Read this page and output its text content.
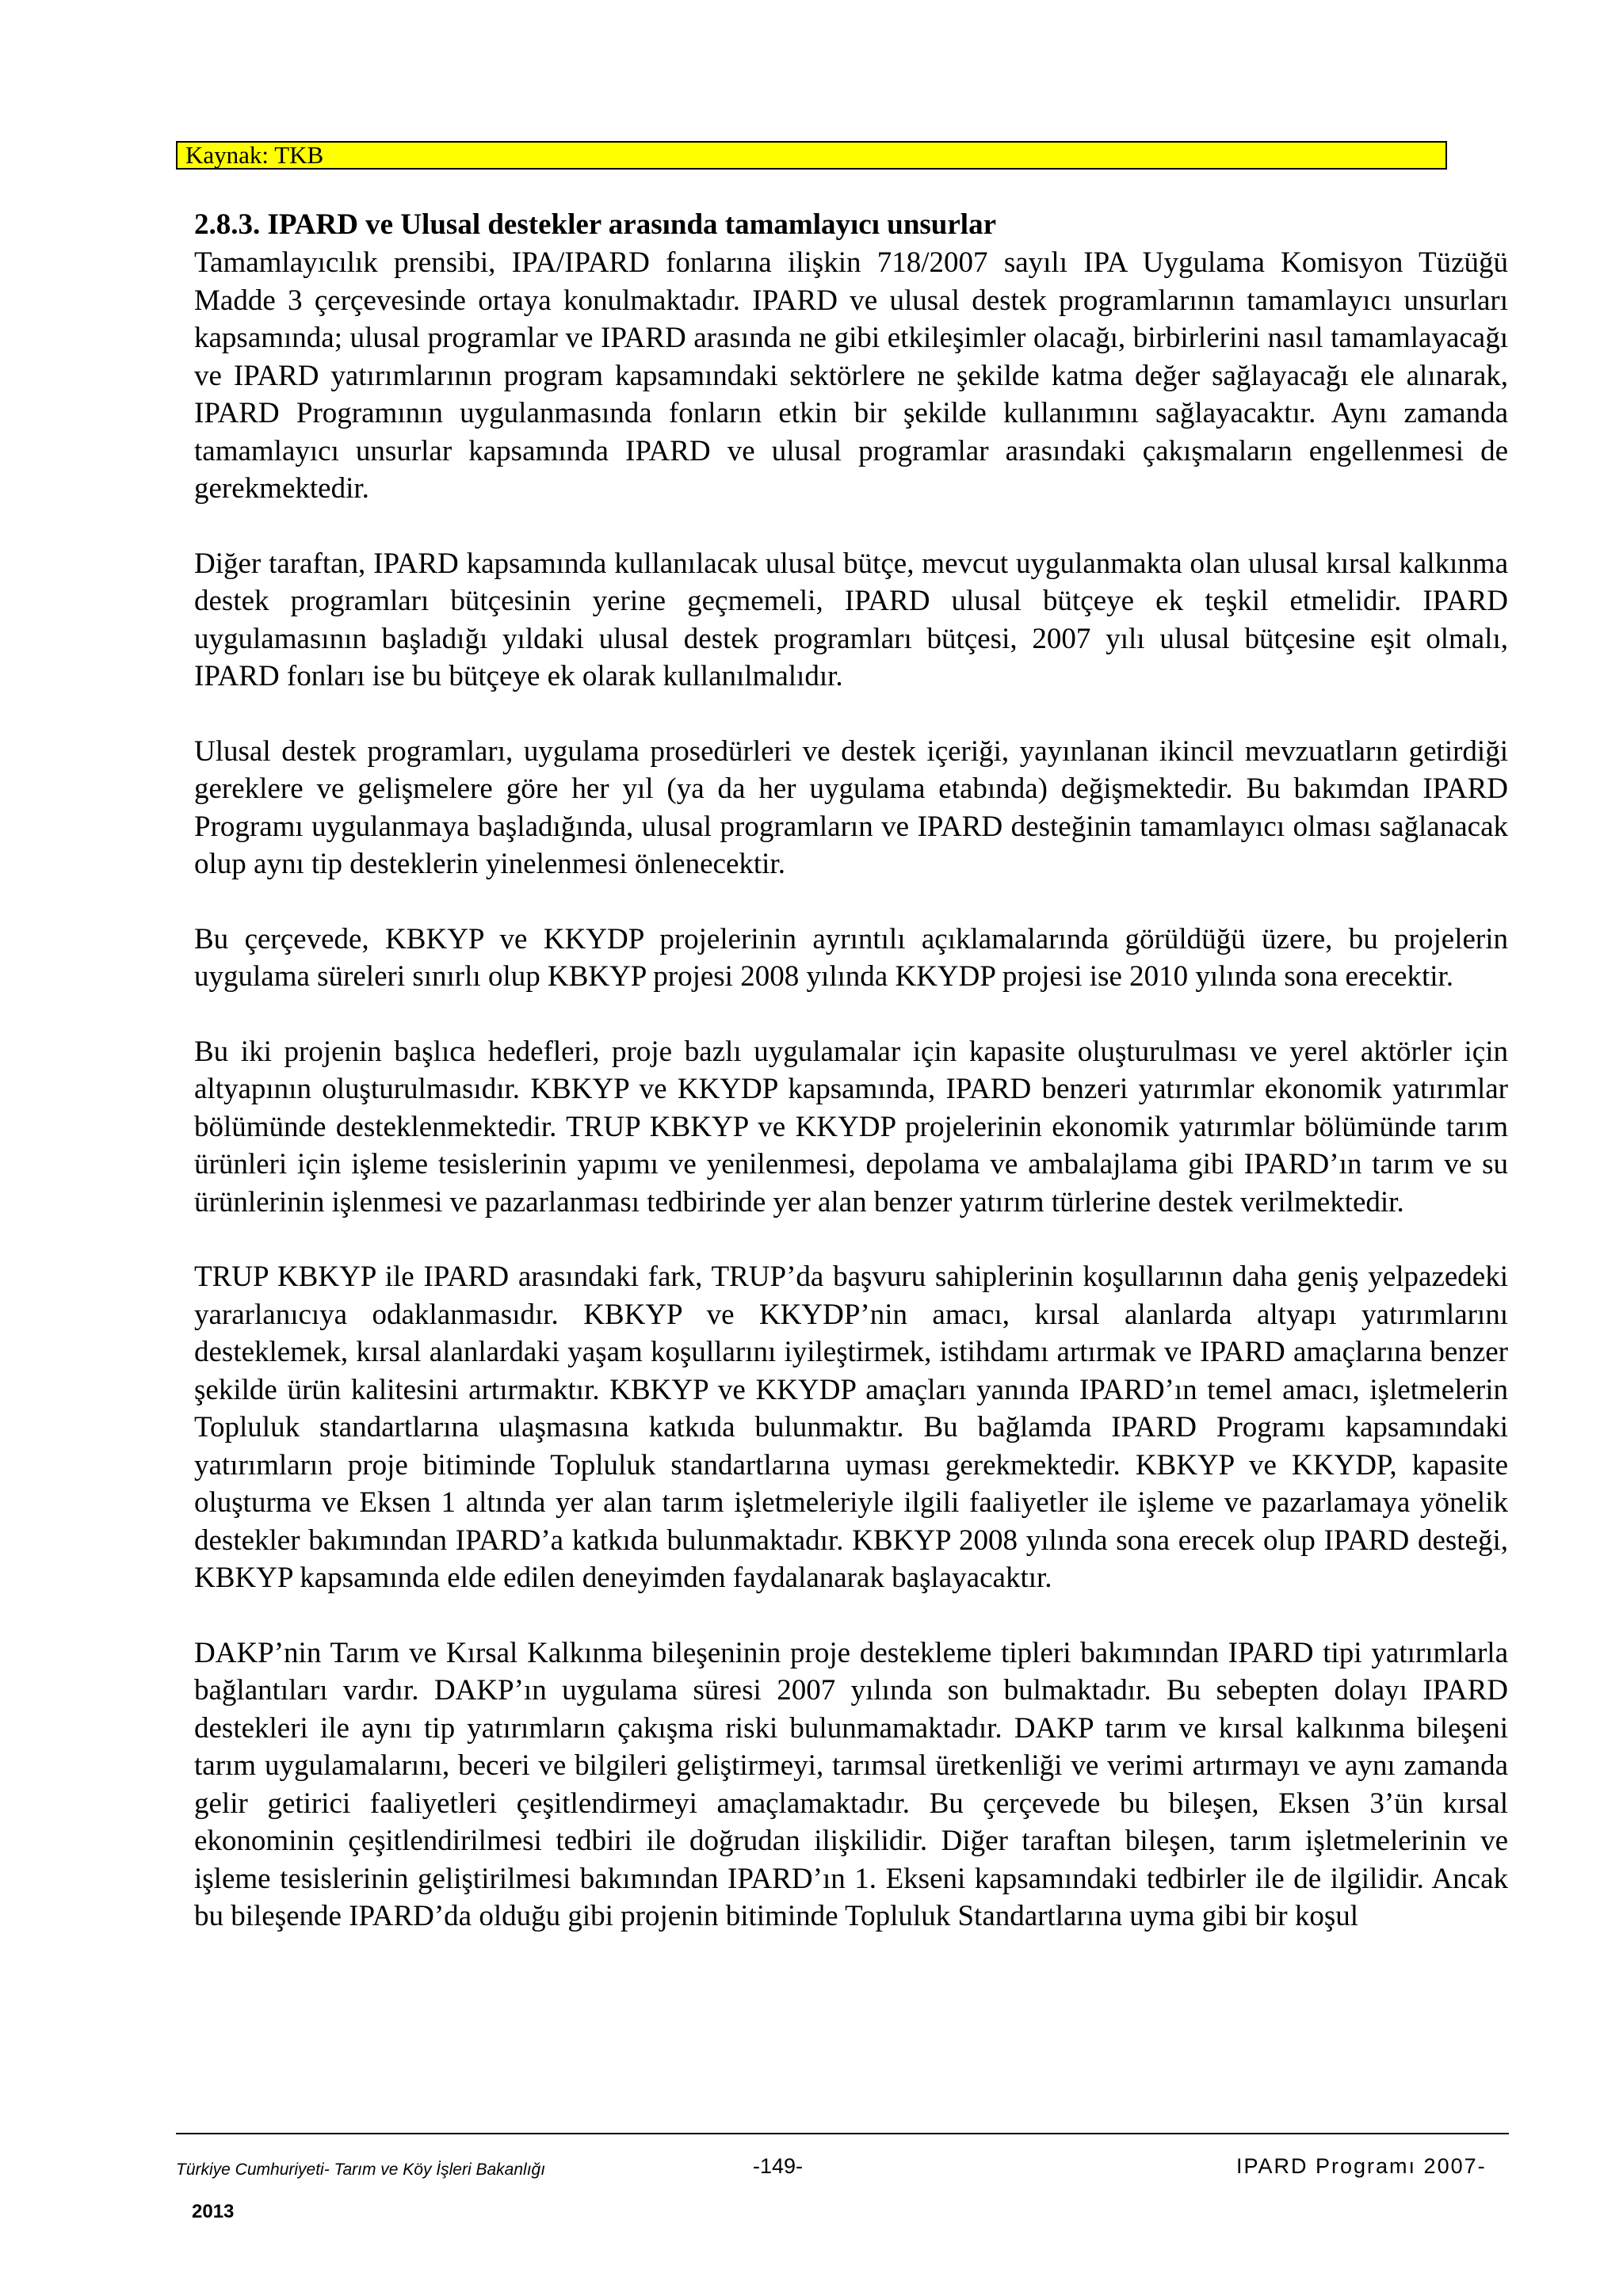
Kaynak: TKB
2.8.3. IPARD ve Ulusal destekler arasında tamamlayıcı unsurlar

Tamamlayıcılık prensibi, IPA/IPARD fonlarına ilişkin 718/2007 sayılı IPA Uygulama Komisyon Tüzüğü Madde 3 çerçevesinde ortaya konulmaktadır. IPARD ve ulusal destek programlarının tamamlayıcı unsurları kapsamında; ulusal programlar ve IPARD arasında ne gibi etkileşimler olacağı, birbirlerini nasıl tamamlayacağı ve IPARD yatırımlarının program kapsamındaki sektörlere ne şekilde katma değer sağlayacağı ele alınarak, IPARD Programının uygulanmasında fonların etkin bir şekilde kullanımını sağlayacaktır. Aynı zamanda tamamlayıcı unsurlar kapsamında IPARD ve ulusal programlar arasındaki çakışmaların engellenmesi de gerekmektedir.

Diğer taraftan, IPARD kapsamında kullanılacak ulusal bütçe, mevcut uygulanmakta olan ulusal kırsal kalkınma destek programları bütçesinin yerine geçmemeli, IPARD ulusal bütçeye ek teşkil etmelidir. IPARD uygulamasının başladığı yıldaki ulusal destek programları bütçesi, 2007 yılı ulusal bütçesine eşit olmalı, IPARD fonları ise bu bütçeye ek olarak kullanılmalıdır.

Ulusal destek programları, uygulama prosedürleri ve destek içeriği, yayınlanan ikincil mevzuatların getirdiği gereklere ve gelişmelere göre her yıl (ya da her uygulama etabında) değişmektedir. Bu bakımdan IPARD Programı uygulanmaya başladığında, ulusal programların ve IPARD desteğinin tamamlayıcı olması sağlanacak olup aynı tip desteklerin yinelenmesi önlenecektir.

Bu çerçevede, KBKYP ve KKYDP projelerinin ayrıntılı açıklamalarında görüldüğü üzere, bu projelerin uygulama süreleri sınırlı olup KBKYP projesi 2008 yılında KKYDP projesi ise 2010 yılında sona erecektir.

Bu iki projenin başlıca hedefleri, proje bazlı uygulamalar için kapasite oluşturulması ve yerel aktörler için altyapının oluşturulmasıdır. KBKYP ve KKYDP kapsamında, IPARD benzeri yatırımlar ekonomik yatırımlar bölümünde desteklenmektedir. TRUP KBKYP ve KKYDP projelerinin ekonomik yatırımlar bölümünde tarım ürünleri için işleme tesislerinin yapımı ve yenilenmesi, depolama ve ambalajlama gibi IPARD’ın tarım ve su ürünlerinin işlenmesi ve pazarlanması tedbirinde yer alan benzer yatırım türlerine destek verilmektedir.

TRUP KBKYP ile IPARD arasındaki fark, TRUP’da başvuru sahiplerinin koşullarının daha geniş yelpazedeki yararlanıcıya odaklanmasıdır. KBKYP ve KKYDP’nin amacı, kırsal alanlarda altyapı yatırımlarını desteklemek, kırsal alanlardaki yaşam koşullarını iyileştirmek, istihdamı artırmak ve IPARD amaçlarına benzer şekilde ürün kalitesini artırmaktır. KBKYP ve KKYDP amaçları yanında IPARD’ın temel amacı, işletmelerin Topluluk standartlarına ulaşmasına katkıda bulunmaktır. Bu bağlamda IPARD Programı kapsamındaki yatırımların proje bitiminde Topluluk standartlarına uyması gerekmektedir. KBKYP ve KKYDP, kapasite oluşturma ve Eksen 1 altında yer alan tarım işletmeleriyle ilgili faaliyetler ile işleme ve pazarlamaya yönelik destekler bakımından IPARD’a katkıda bulunmaktadır. KBKYP 2008 yılında sona erecek olup IPARD desteği, KBKYP kapsamında elde edilen deneyimden faydalanarak başlayacaktır.

DAKP’nin Tarım ve Kırsal Kalkınma bileşeninin proje destekleme tipleri bakımından IPARD tipi yatırımlarla bağlantıları vardır. DAKP’ın uygulama süresi 2007 yılında son bulmaktadır. Bu sebepten dolayı IPARD destekleri ile aynı tip yatırımların çakışma riski bulunmamaktadır. DAKP tarım ve kırsal kalkınma bileşeni tarım uygulamalarını, beceri ve bilgileri geliştirmeyi, tarımsal üretkenliği ve verimi artırmayı ve aynı zamanda gelir getirici faaliyetleri çeşitlendirmeyi amaçlamaktadır. Bu çerçevede bu bileşen, Eksen 3’ün kırsal ekonominin çeşitlendirilmesi tedbiri ile doğrudan ilişkilidir. Diğer taraftan bileşen, tarım işletmelerinin ve işleme tesislerinin geliştirilmesi bakımından IPARD’ın 1. Ekseni kapsamındaki tedbirler ile de ilgilidir. Ancak bu bileşende IPARD’da olduğu gibi projenin bitiminde Topluluk Standartlarına uyma gibi bir koşul

Türkiye Cumhuriyeti- Tarım ve Köy İşleri Bakanlığı	-149-	IPARD Programı 2007-
2013
